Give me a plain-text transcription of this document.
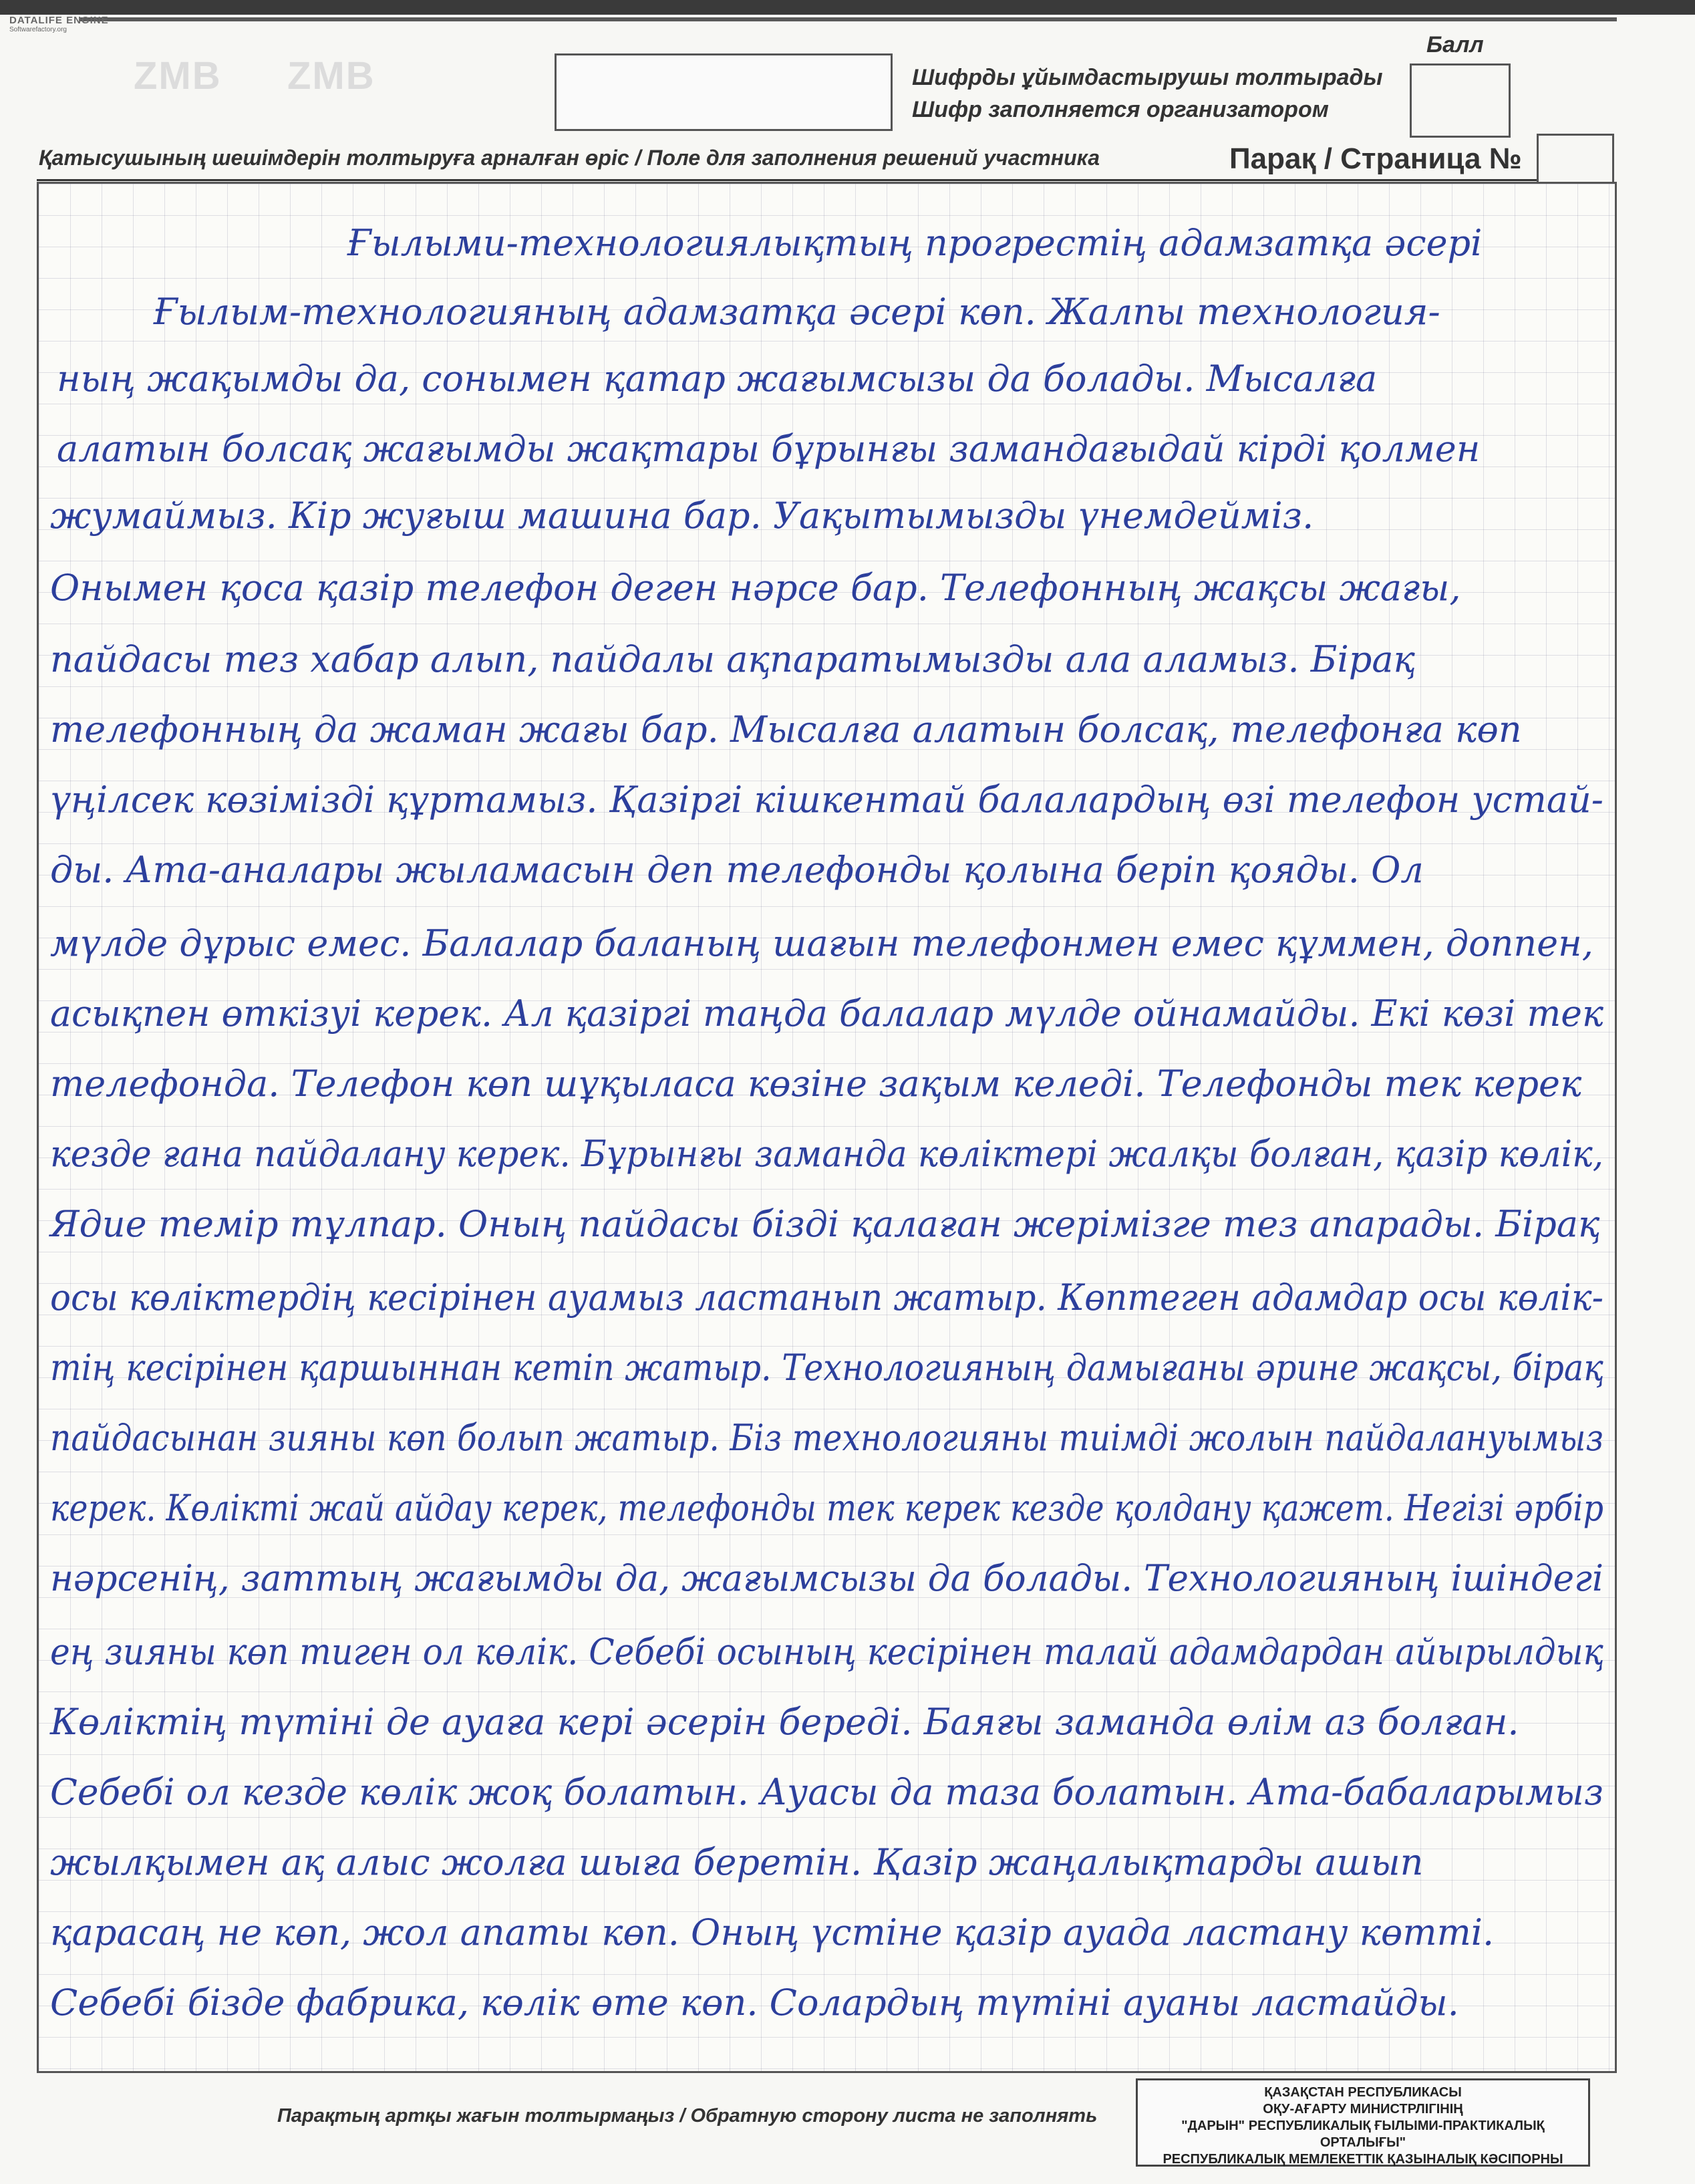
DATALIFE ENGINE
Softwarefactory.org
ZMB ZMB	Шифрды ұйымдастырушы толтырады
Шифр заполняется организатором
Балл
Қатысушының шешімдерін толтыруға арналған өріс / Поле для заполнения решений участника	Парақ / Страница №
Ғылыми-технологиялықтың прогрестің адамзатқа әсері
Ғылым-технологияның адамзатқа әсері көп. Жалпы технология-
ның жақымды да, сонымен қатар жағымсызы да болады. Мысалға
алатын болсақ жағымды жақтары бұрынғы замандағыдай кірді қолмен
жумаймыз. Кір жуғыш машина бар. Уақытымызды үнемдейміз.
Онымен қоса қазір телефон деген нәрсе бар. Телефонның жақсы жағы,
пайдасы тез хабар алып, пайдалы ақпаратымызды ала аламыз. Бірақ
телефонның да жаман жағы бар. Мысалға алатын болсақ, телефонға көп
үңілсек көзімізді құртамыз. Қазіргі кішкентай балалардың өзі телефон устай-
ды. Ата-аналары жыламасын деп телефонды қолына беріп қояды. Ол
мүлде дұрыс емес. Балалар баланың шағын телефонмен емес құммен, доппен,
асықпен өткізуі керек. Ал қазіргі таңда балалар мүлде ойнамайды. Екі көзі тек
телефонда. Телефон көп шұқыласа көзіне зақым келеді. Телефонды тек керек
кезде ғана пайдалану керек. Бұрынғы заманда көліктері жалқы болған, қазір көлік,
Ядие темір тұлпар. Оның пайдасы бізді қалаған жерімізге тез апарады. Бірақ
осы көліктердің кесірінен ауамыз ластанып жатыр. Көптеген адамдар осы көлік-
тің кесірінен қаршыннан кетіп жатыр. Технологияның дамығаны әрине жақсы, бірақ
пайдасынан зияны көп болып жатыр. Біз технологияны тиімді жолын пайдалануымыз
керек. Көлікті жай айдау керек, телефонды тек керек кезде қолдану қажет. Негізі әрбір
нәрсенің, заттың жағымды да, жағымсызы да болады. Технологияның ішіндегі
ең зияны көп тиген ол көлік. Себебі осының кесірінен талай адамдардан айырылдық
Көліктің түтіні де ауаға кері әсерін береді. Баяғы заманда өлім аз болған.
Себебі ол кезде көлік жоқ болатын. Ауасы да таза болатын. Ата-бабаларымыз
жылқымен ақ алыс жолға шыға беретін. Қазір жаңалықтарды ашып
қарасаң не көп, жол апаты көп. Оның үстіне қазір ауада ластану көтті.
Себебі бізде фабрика, көлік өте көп. Солардың түтіні ауаны ластайды.
Парақтың артқы жағын толтырмаңыз / Обратную сторону листа не заполнять
ҚАЗАҚСТАН РЕСПУБЛИКАСЫ
ОҚУ-АҒАРТУ МИНИСТРЛІГІНІҢ
"ДАРЫН" РЕСПУБЛИКАЛЫҚ ҒЫЛЫМИ-ПРАКТИКАЛЫҚ ОРТАЛЫҒЫ"
РЕСПУБЛИКАЛЫҚ МЕМЛЕКЕТТІК ҚАЗЫНАЛЫҚ КӘСІПОРНЫ
